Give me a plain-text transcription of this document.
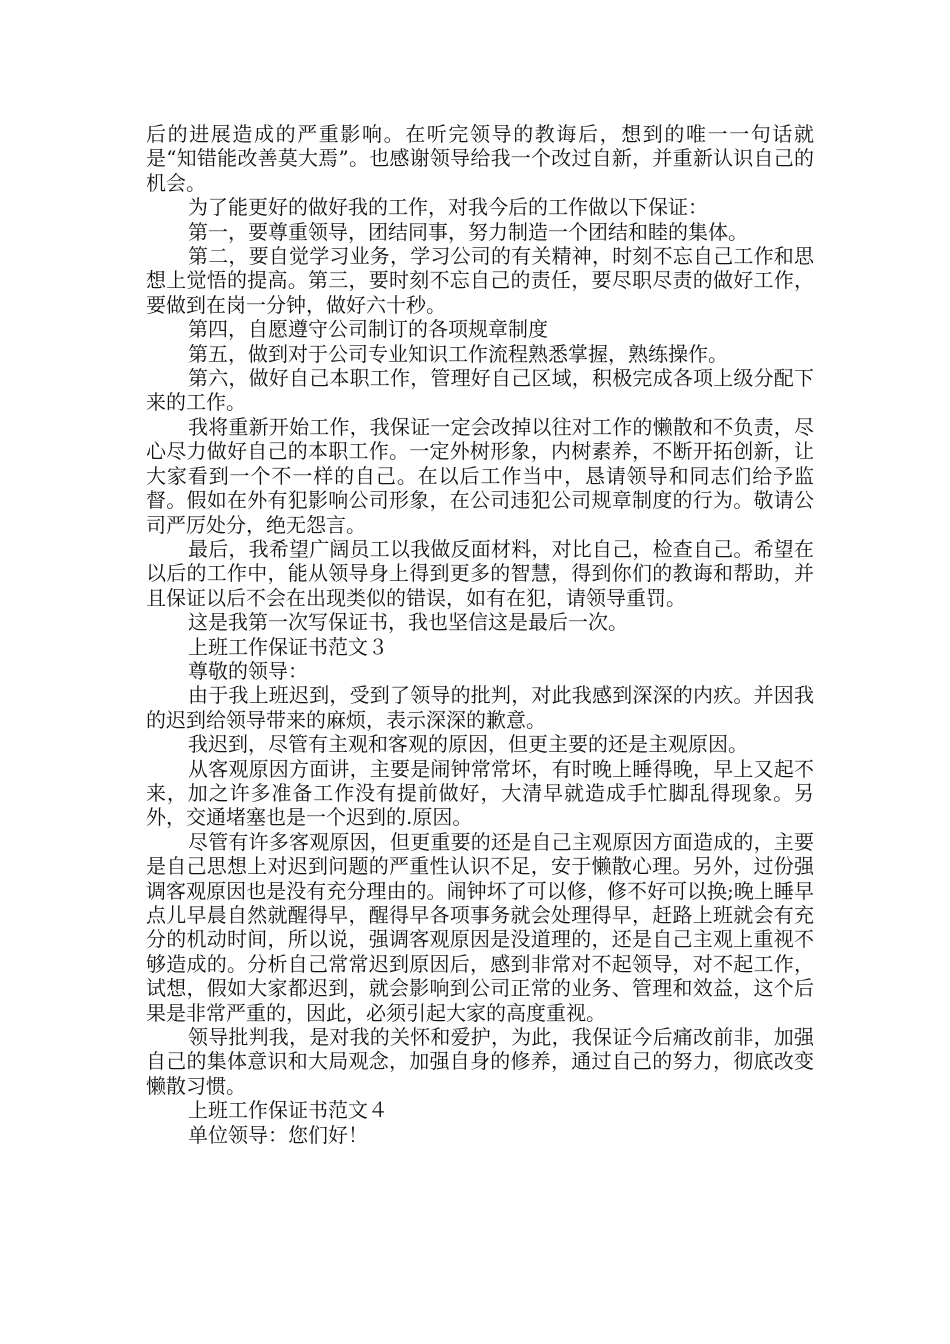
后的进展造成的严重影响。在听完领导的教诲后，想到的唯一一句话就是“知错能改善莫大焉”。也感谢领导给我一个改过自新，并重新认识自己的机会。

为了能更好的做好我的工作，对我今后的工作做以下保证：

第一，要尊重领导，团结同事，努力制造一个团结和睦的集体。

第二，要自觉学习业务，学习公司的有关精神，时刻不忘自己工作和思想上觉悟的提高。第三，要时刻不忘自己的责任，要尽职尽责的做好工作，要做到在岗一分钟，做好六十秒。

第四，自愿遵守公司制订的各项规章制度

第五，做到对于公司专业知识工作流程熟悉掌握，熟练操作。

第六，做好自己本职工作，管理好自己区域，积极完成各项上级分配下来的工作。

我将重新开始工作，我保证一定会改掉以往对工作的懒散和不负责，尽心尽力做好自己的本职工作。一定外树形象，内树素养，不断开拓创新，让大家看到一个不一样的自己。在以后工作当中，恳请领导和同志们给予监督。假如在外有犯影响公司形象，在公司违犯公司规章制度的行为。敬请公司严厉处分，绝无怨言。

最后，我希望广阔员工以我做反面材料，对比自己，检查自己。希望在以后的工作中，能从领导身上得到更多的智慧，得到你们的教诲和帮助，并且保证以后不会在出现类似的错误，如有在犯，请领导重罚。

这是我第一次写保证书，我也坚信这是最后一次。

上班工作保证书范文３

尊敬的领导：

由于我上班迟到，受到了领导的批判，对此我感到深深的内疚。并因我的迟到给领导带来的麻烦，表示深深的歉意。

我迟到，尽管有主观和客观的原因，但更主要的还是主观原因。

从客观原因方面讲，主要是闹钟常常坏，有时晚上睡得晚，早上又起不来，加之许多准备工作没有提前做好，大清早就造成手忙脚乱得现象。另外，交通堵塞也是一个迟到的.原因。

尽管有许多客观原因，但更重要的还是自己主观原因方面造成的，主要是自己思想上对迟到问题的严重性认识不足，安于懒散心理。另外，过份强调客观原因也是没有充分理由的。闹钟坏了可以修，修不好可以换;晚上睡早点儿早晨自然就醒得早，醒得早各项事务就会处理得早，赶路上班就会有充分的机动时间，所以说，强调客观原因是没道理的，还是自己主观上重视不够造成的。分析自己常常迟到原因后，感到非常对不起领导，对不起工作，试想，假如大家都迟到，就会影响到公司正常的业务、管理和效益，这个后果是非常严重的，因此，必须引起大家的高度重视。

领导批判我，是对我的关怀和爱护，为此，我保证今后痛改前非，加强自己的集体意识和大局观念，加强自身的修养，通过自己的努力，彻底改变懒散习惯。

上班工作保证书范文４

单位领导：您们好！
